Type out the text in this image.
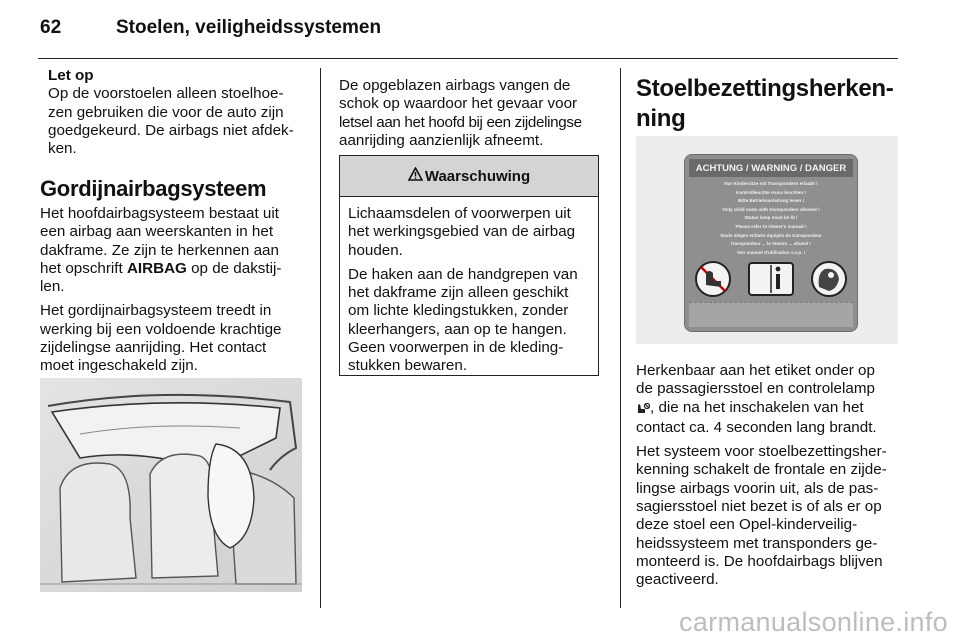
62	Stoelen, veiligheidssystemen
Let op
Op de voorstoelen alleen stoelhoe-
zen gebruiken die voor de auto zijn
goedgekeurd. De airbags niet afdek-
ken.
Gordijnairbagsysteem

Het hoofdairbagsysteem bestaat uit
een airbag aan weerskanten in het
dakframe. Ze zijn te herkennen aan
het opschrift AIRBAG op de dakstij-
len.

Het gordijnairbagsysteem treedt in
werking bij een voldoende krachtige
zijdelingse aanrijding. Het contact
moet ingeschakeld zijn.

De opgeblazen airbags vangen de
schok op waardoor het gevaar voor
letsel aan het hoofd bij een zijdelingse
aanrijding aanzienlijk afneemt.
Waarschuwing

Lichaamsdelen of voorwerpen uit
het werkingsgebied van de airbag
houden.

De haken aan de handgrepen van
het dakframe zijn alleen geschikt
om lichte kledingstukken, zonder
kleerhangers, aan op te hangen.
Geen voorwerpen in de kleding-
stukken bewaren.

Stoelbezettingsherken-
ning
ACHTUNG / WARNING / DANGER
Nur Kindersitze mit Transpondern erlaubt !
Kontrollleuchte muss leuchten !
Bitte Betriebsanleitung lesen !
Only child seats with transponders allowed !
Status lamp must be lit !
Please refer to Owner's manual !
Seuls sièges enfants équipés de transpondeur
transpondeur ... le témoin ... allumé !
Voir manuel d'utilisation s.v.p. !

Herkenbaar aan het etiket onder op
de passagiersstoel en controlelamp
, die na het inschakelen van het
contact ca. 4 seconden lang brandt.

Het systeem voor stoelbezettingsher-
kenning schakelt de frontale en zijde-
lingse airbags voorin uit, als de pas-
sagiersstoel niet bezet is of als er op
deze stoel een Opel-kinderveilig-
heidssysteem met transponders ge-
monteerd is. De hoofdairbags blijven
geactiveerd.

carmanualsonline.info
